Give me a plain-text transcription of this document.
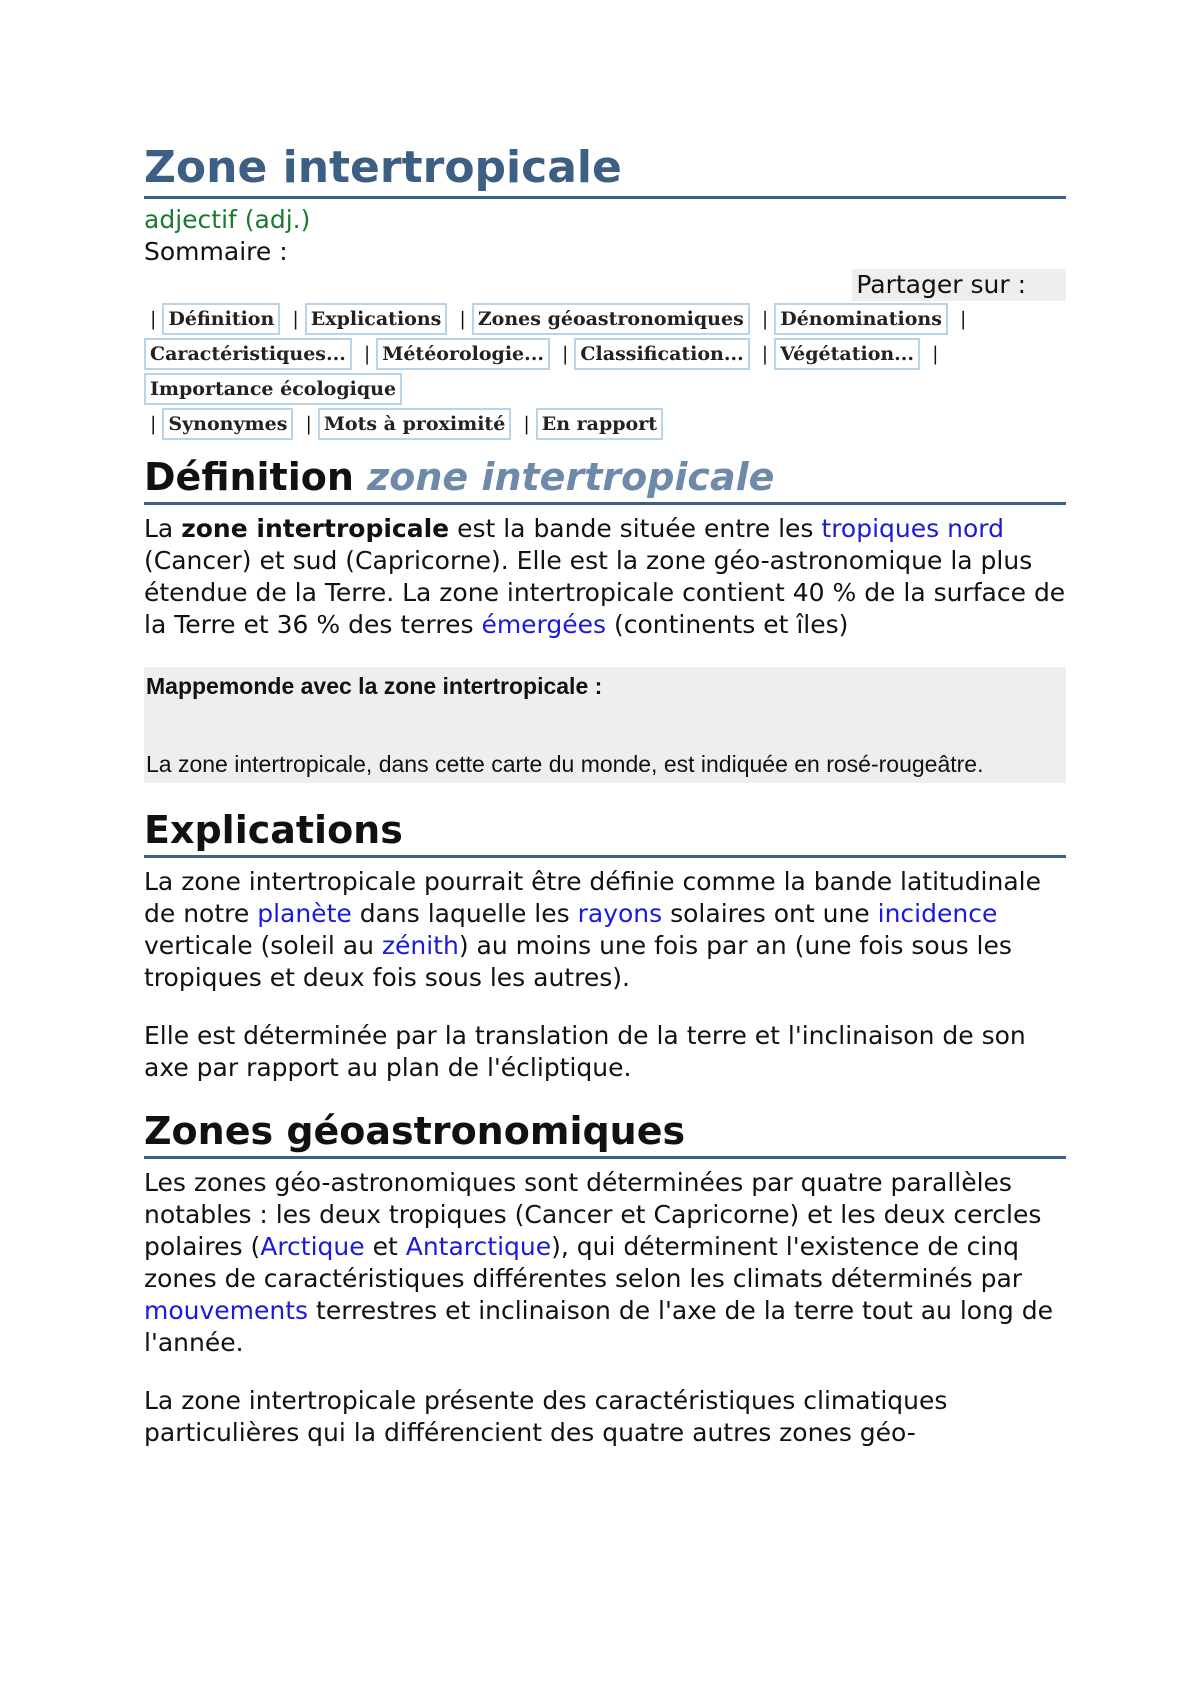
Zone intertropicale
adjectif (adj.)
Sommaire :
Partager sur :
| Définition | Explications | Zones géoastronomiques | Dénominations |Caractéristiques... | Météorologie... | Classification... | Végétation... |Importance écologique
| Synonymes | Mots à proximité | En rapport
Définition zone intertropicale

La zone intertropicale est la bande située entre les tropiques nord (Cancer) et sud (Capricorne). Elle est la zone géo-astronomique la plus étendue de la Terre. La zone intertropicale contient 40 % de la surface de la Terre et 36 % des terres émergées (continents et îles)

Mappemonde avec la zone intertropicale :
La zone intertropicale, dans cette carte du monde, est indiquée en rosé-rougeâtre.
Explications

La zone intertropicale pourrait être définie comme la bande latitudinale de notre planète dans laquelle les rayons solaires ont une incidence verticale (soleil au zénith) au moins une fois par an (une fois sous les tropiques et deux fois sous les autres).

Elle est déterminée par la translation de la terre et l'inclinaison de son axe par rapport au plan de l'écliptique.

Zones géoastronomiques

Les zones géo-astronomiques sont déterminées par quatre parallèles notables : les deux tropiques (Cancer et Capricorne) et les deux cercles polaires (Arctique et Antarctique), qui déterminent l'existence de cinq zones de caractéristiques différentes selon les climats déterminés par mouvements terrestres et inclinaison de l'axe de la terre tout au long de l'année.

La zone intertropicale présente des caractéristiques climatiques particulières qui la différencient des quatre autres zones géo-
